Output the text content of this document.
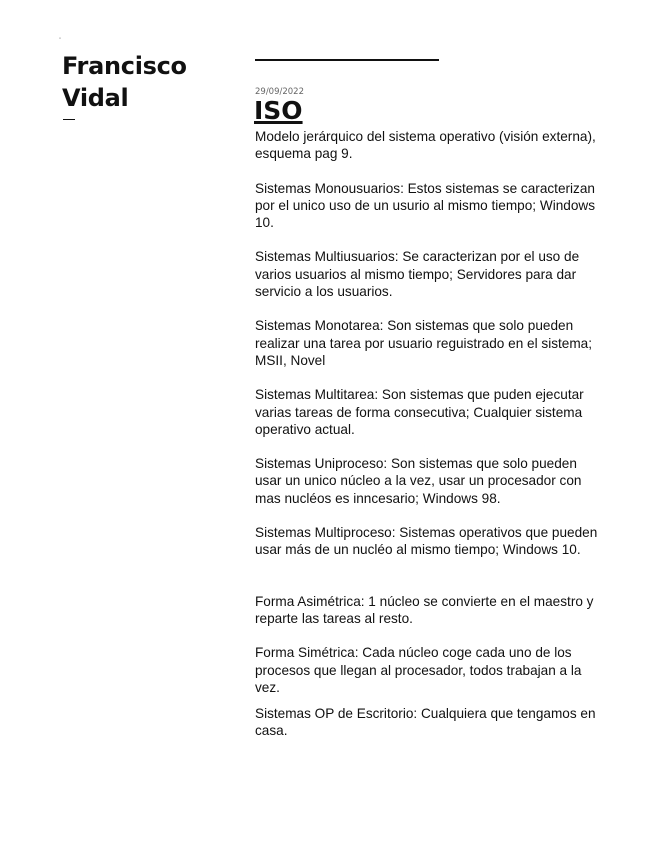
"
Francisco
Vidal	29/09/2022
ISO

Modelo jerárquico del sistema operativo (visión externa), esquema pag 9.

Sistemas Monousuarios: Estos sistemas se caracterizan por el unico uso de un usurio al mismo tiempo; Windows 10.

Sistemas Multiusuarios: Se caracterizan por el uso de varios usuarios al mismo tiempo; Servidores para dar servicio a los usuarios.

Sistemas Monotarea: Son sistemas que solo pueden realizar una tarea por usuario reguistrado en el sistema; MSII, Novel

Sistemas Multitarea: Son sistemas que puden ejecutar varias tareas de forma consecutiva; Cualquier sistema operativo actual.

Sistemas Uniproceso: Son sistemas que solo pueden usar un unico núcleo a la vez, usar un procesador con mas nucléos es inncesario; Windows 98.

Sistemas Multiproceso: Sistemas operativos que pueden usar más de un nucléo al mismo tiempo; Windows 10.

Forma Asimétrica: 1 núcleo se convierte en el maestro y reparte las tareas al resto.

Forma Simétrica: Cada núcleo coge cada uno de los procesos que llegan al procesador, todos trabajan a la vez.

Sistemas OP de Escritorio: Cualquiera que tengamos en casa.
